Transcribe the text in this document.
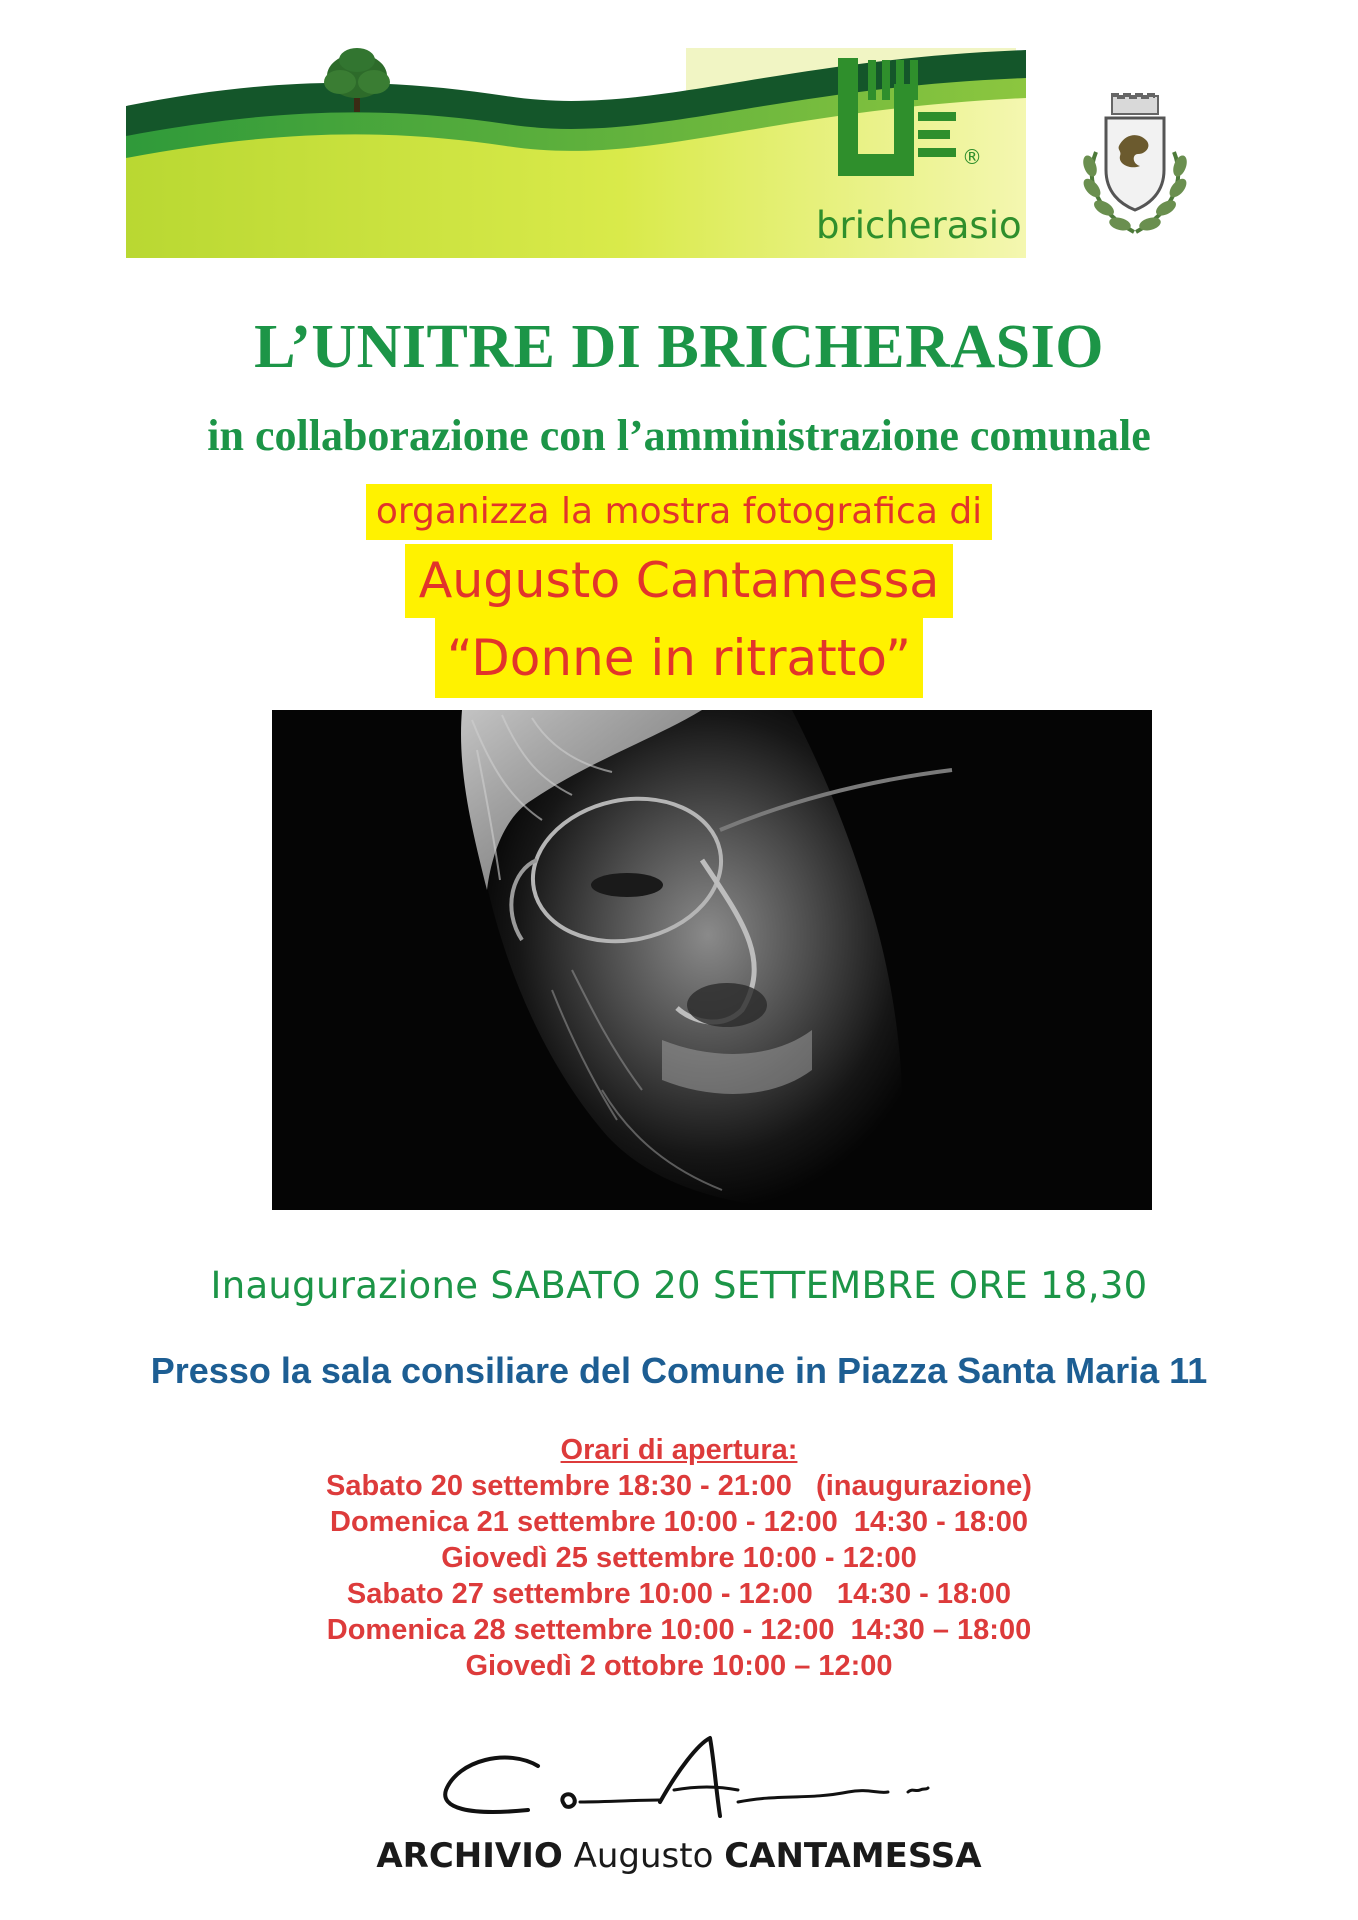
®
bricherasio
L’UNITRE DI BRICHERASIO
in collaborazione con l’amministrazione comunale
organizza la mostra fotografica di
Augusto Cantamessa
“Donne in ritratto”
Inaugurazione SABATO 20 SETTEMBRE ORE 18,30
Presso la sala consiliare del Comune in Piazza Santa Maria 11
Orari di apertura:
Sabato 20 settembre 18:30 - 21:00   (inaugurazione)
Domenica 21 settembre 10:00 - 12:00  14:30 - 18:00
Giovedì 25 settembre 10:00 - 12:00
Sabato 27 settembre 10:00 - 12:00   14:30 - 18:00
Domenica 28 settembre 10:00 - 12:00  14:30 – 18:00
Giovedì 2 ottobre 10:00 – 12:00
ARCHIVIO Augusto CANTAMESSA
